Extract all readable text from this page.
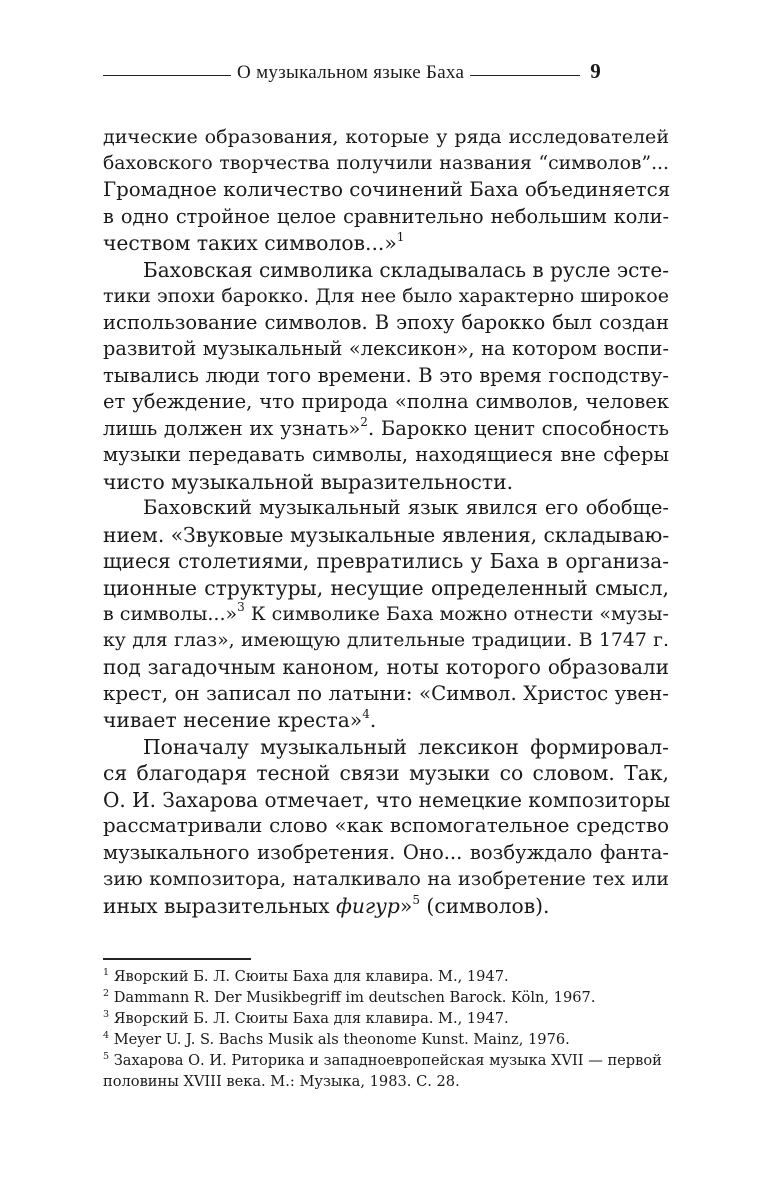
О музыкальном языке Баха	9
дические образования, которые у ряда исследователей
баховского творчества получили названия “символов”...
Громадное количество сочинений Баха объединяется
в одно стройное целое сравнительно небольшим коли-
чеством таких символов...»$^1$
Баховская символика складывалась в русле эсте-
тики эпохи барокко. Для нее было характерно широкое
использование символов. В эпоху барокко был создан
развитой музыкальный «лексикон», на котором воспи-
тывались люди того времени. В это время господству-
ет убеждение, что природа «полна символов, человек
лишь должен их узнать»$^2$. Барокко ценит способность
музыки передавать символы, находящиеся вне сферы
чисто музыкальной выразительности.
Баховский музыкальный язык явился его обобще-
нием. «Звуковые музыкальные явления, складываю-
щиеся столетиями, превратились у Баха в организа-
ционные структуры, несущие определенный смысл,
в символы...»$^3$ К символике Баха можно отнести «музы-
ку для глаз», имеющую длительные традиции. В 1747 г.
под загадочным каноном, ноты которого образовали
крест, он записал по латыни: «Символ. Христос увен-
чивает несение креста»$^4$.
Поначалу музыкальный лексикон формировал-
ся благодаря тесной связи музыки со словом. Так,
О. И. Захарова отмечает, что немецкие композиторы
рассматривали слово «как вспомогательное средство
музыкального изобретения. Оно... возбуждало фанта-
зию композитора, наталкивало на изобретение тех или
иных выразительных фигур»$^5$ (символов).
$^1$ Яворский Б. Л. Сюиты Баха для клавира. М., 1947.
$^2$ Dammann R. Der Musikbegriff im deutschen Barock. Köln, 1967.
$^3$ Яворский Б. Л. Сюиты Баха для клавира. М., 1947.
$^4$ Meyer U. J. S. Bachs Musik als theonome Kunst. Mainz, 1976.
$^5$ Захарова О. И. Риторика и западноевропейская музыка XVII — первой
половины XVIII века. М.: Музыка, 1983. С. 28.
